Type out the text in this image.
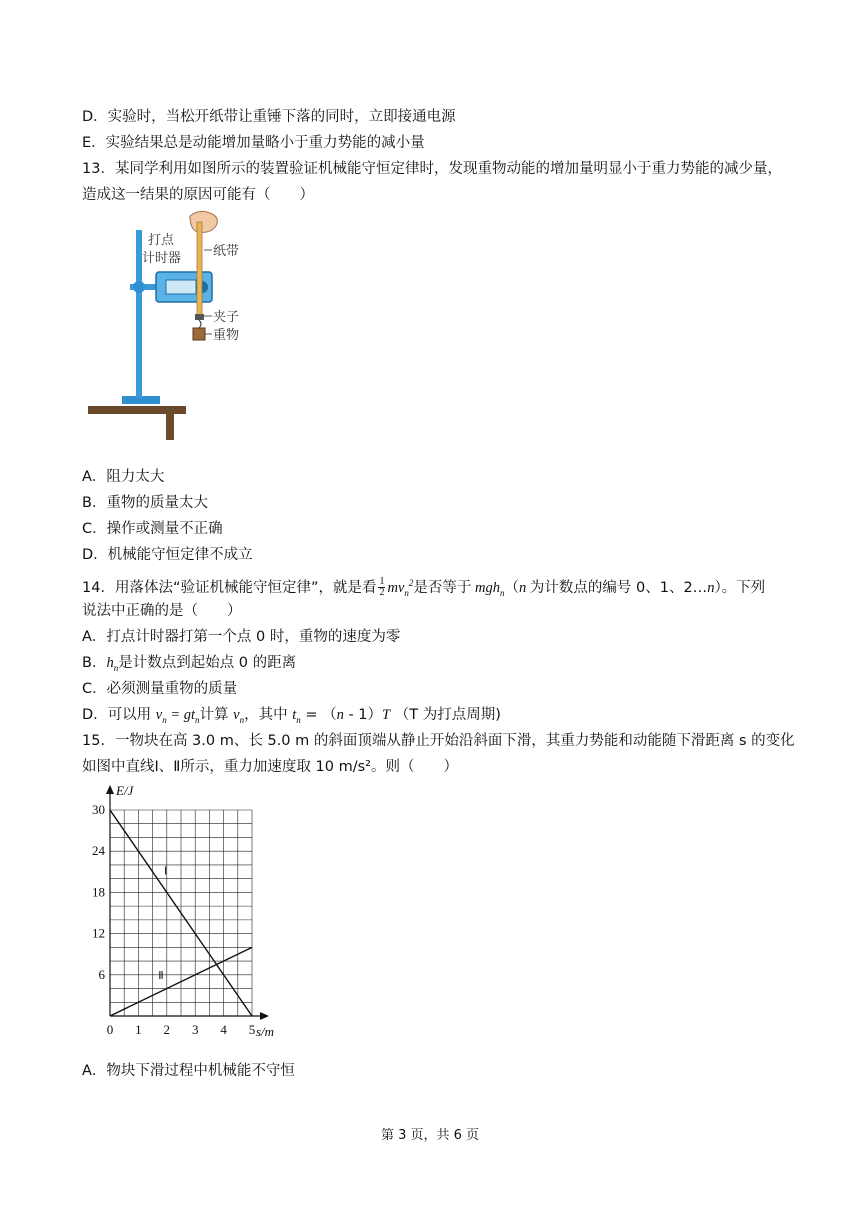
D．实验时，当松开纸带让重锤下落的同时，立即接通电源
E．实验结果总是动能增加量略小于重力势能的减小量
13．某同学利用如图所示的装置验证机械能守恒定律时，发现重物动能的增加量明显小于重力势能的减少量，
造成这一结果的原因可能有（　　）
打点
计时器 纸带
夹子
重物
A．阻力太大
B．重物的质量太大
C．操作或测量不正确
D．机械能守恒定律不成立
14．用落体法“验证机械能守恒定律”，就是看 $\frac{1}{2} mv_n^2$是否等于 mgh$_n$（n 为计数点的编号 0、1、2…n）。下列
说法中正确的是（　　）
A．打点计时器打第一个点 0 时，重物的速度为零
B．$h_n$是计数点到起始点 0 的距离
C．必须测量重物的质量
D．可以用 $v_n = gt_n$计算 $v_n$，其中 $t_n = (n - 1)T$ （T 为打点周期)
15．一物块在高 3.0 m、长 5.0 m 的斜面顶端从静止开始沿斜面下滑，其重力势能和动能随下滑距离 s 的变化
如图中直线Ⅰ、Ⅱ所示，重力加速度取 10 m/s²。则（　　）
E/J
s/m
0 1 2 3 4 5
6
12
18
24
30
Ⅰ
Ⅱ
A．物块下滑过程中机械能不守恒
第 3 页，共 6 页
